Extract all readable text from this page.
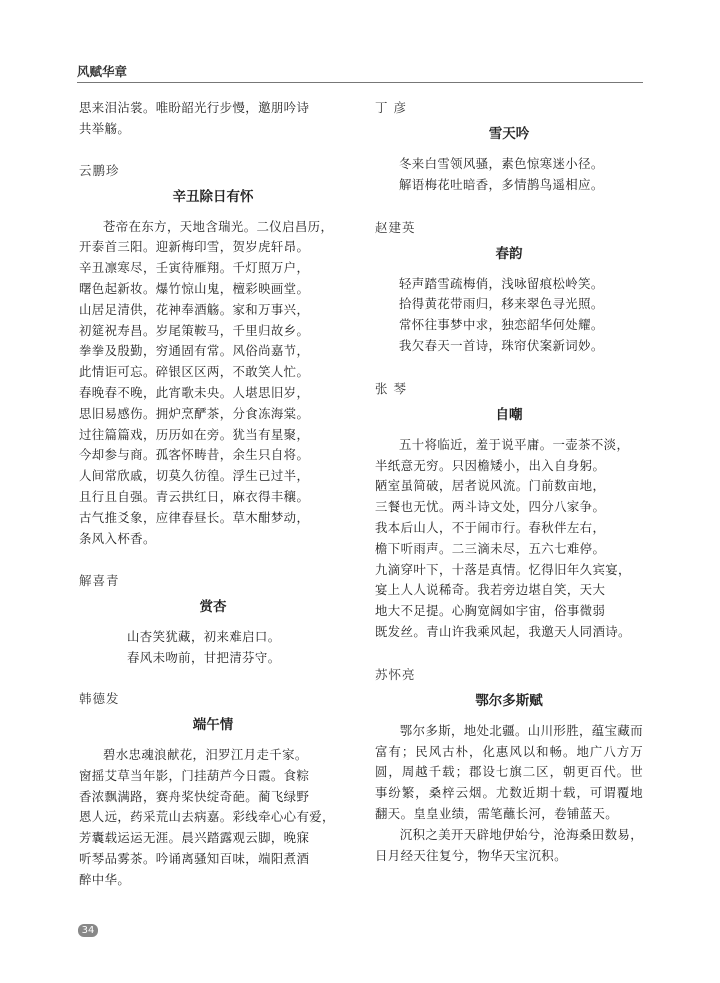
风赋华章

思来泪沾裳。唯盼韶光行步慢，邀朋吟诗

共举觞。

云鹏珍
辛丑除日有怀

苍帝在东方，天地含瑞光。二仪启昌历，

开泰首三阳。迎新梅印雪，贺岁虎轩昂。

辛丑凛寒尽，壬寅待雁翔。千灯照万户，

曙色起新妆。爆竹惊山鬼，檀彩映画堂。

山居足清供，花神奉酒觞。家和万事兴，

初筵祝寿昌。岁尾策鞍马，千里归故乡。

拳拳及殷勤，穷通固有常。风俗尚嘉节，

此情讵可忘。碎银区区两，不敢笑人忙。

春晚春不晚，此宵歌未央。人堪思旧岁，

思旧易感伤。拥炉烹酽茶，分食冻海棠。

过往篇篇戏，历历如在旁。犹当有星聚，

今却参与商。孤客怀畴昔，余生只自将。

人间常欣戚，切莫久彷徨。浮生已过半，

且行且自强。青云拱红日，麻衣得丰穰。

古气推爻象，应律春昼长。草木酣梦动，

条风入杯香。

解喜青
赏杏

山杏笑犹藏，初来难启口。

春风未吻前，甘把清芬守。

韩德发
端午情

碧水忠魂浪献花，汨罗江月走千家。

窗摇艾草当年影，门挂葫芦今日霞。食粽

香浓飘满路，赛舟桨快绽奇葩。蔺飞绿野

恩人远，药采荒山去病嘉。彩线牵心心有爱，

芳囊载运运无涯。晨兴踏露观云脚，晚寐

听琴品雾茶。吟诵离骚知百味，端阳煮酒

醉中华。

丁 彦
雪天吟

冬来白雪领风骚，素色惊寒迷小径。

解语梅花吐暗香，多情鹊鸟遥相应。

赵建英
春韵

轻声踏雪疏梅俏，浅咏留痕松岭笑。

拾得黄花带雨归，移来翠色寻光照。

常怀往事梦中求，独恋韶华何处耀。

我欠春天一首诗，珠帘伏案新词妙。

张 琴
自嘲

五十将临近，羞于说平庸。一壶茶不淡，

半纸意无穷。只因檐矮小，出入自身躬。

陋室虽简破，居者说风流。门前数亩地，

三餐也无忧。两斗诗文处，四分八家争。

我本后山人，不于闹市行。春秋伴左右，

檐下听雨声。二三滴未尽，五六七难停。

九滴穿叶下，十落是真情。忆得旧年久宾宴，

宴上人人说稀奇。我若旁边堪自笑，天大

地大不足提。心胸宽阔如宇宙，俗事微弱

既发丝。青山许我乘风起，我邀天人同酒诗。

苏怀亮
鄂尔多斯赋

鄂尔多斯，地处北疆。山川形胜，蕴宝藏而富有；民风古朴，化惠风以和畅。地广八方万圆，周越千载；郡设七旗二区，朝更百代。世事纷繁，桑梓云烟。尤数近期十载，可谓覆地翻天。皇皇业绩，需笔蘸长河，卷铺蓝天。

沉积之美开天辟地伊始兮，沧海桑田数易，日月经天往复兮，物华天宝沉积。

34
